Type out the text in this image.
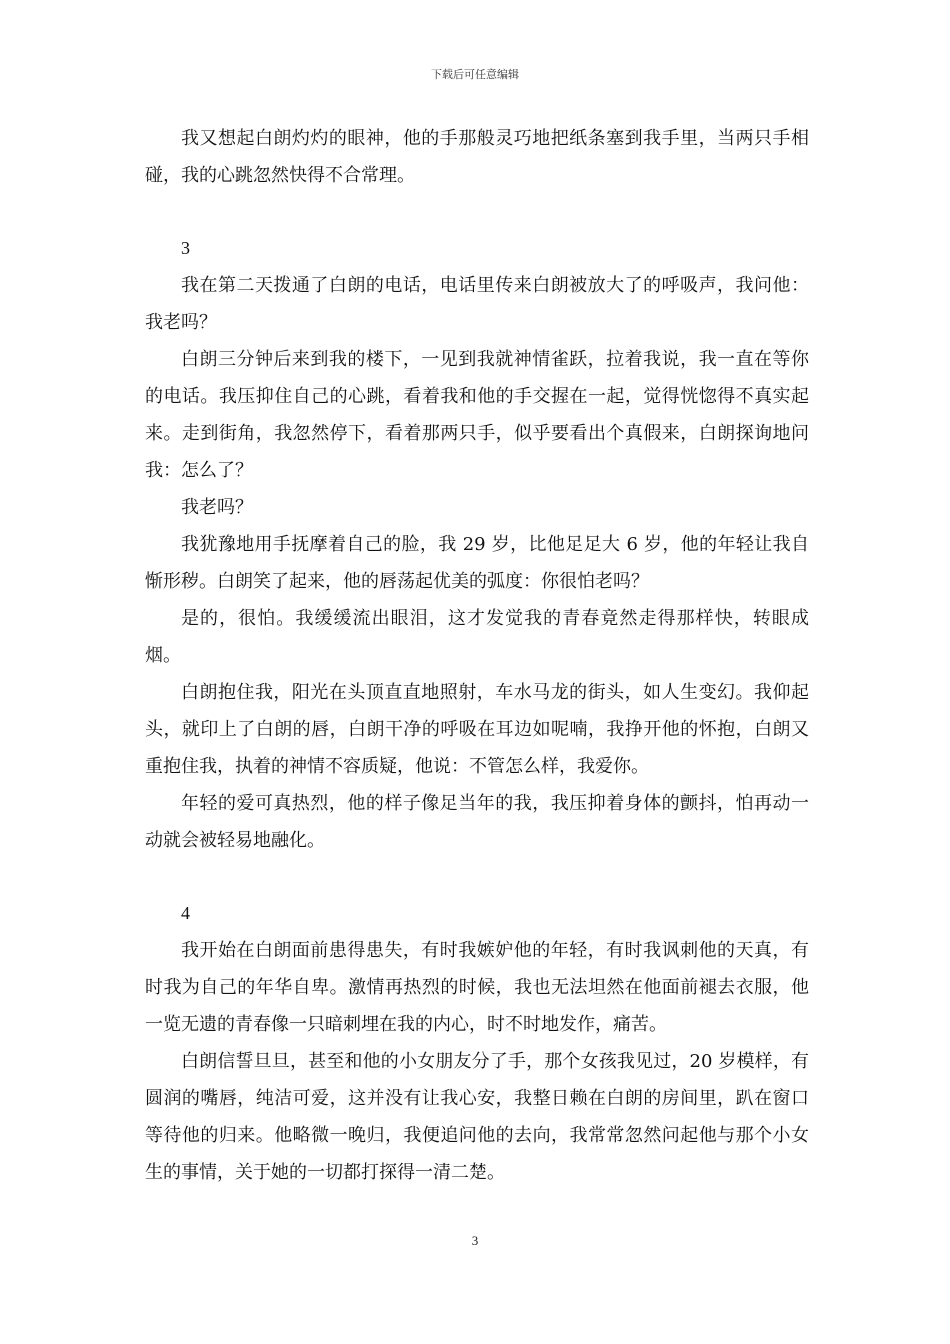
下载后可任意编辑

我又想起白朗灼灼的眼神，他的手那般灵巧地把纸条塞到我手里，当两只手相碰，我的心跳忽然快得不合常理。

3

我在第二天拨通了白朗的电话，电话里传来白朗被放大了的呼吸声，我问他：我老吗？

白朗三分钟后来到我的楼下，一见到我就神情雀跃，拉着我说，我一直在等你的电话。我压抑住自己的心跳，看着我和他的手交握在一起，觉得恍惚得不真实起来。走到街角，我忽然停下，看着那两只手，似乎要看出个真假来，白朗探询地问我：怎么了？

我老吗？

我犹豫地用手抚摩着自己的脸，我 29 岁，比他足足大 6 岁，他的年轻让我自惭形秽。白朗笑了起来，他的唇荡起优美的弧度：你很怕老吗？

是的，很怕。我缓缓流出眼泪，这才发觉我的青春竟然走得那样快，转眼成烟。

白朗抱住我，阳光在头顶直直地照射，车水马龙的街头，如人生变幻。我仰起头，就印上了白朗的唇，白朗干净的呼吸在耳边如呢喃，我挣开他的怀抱，白朗又重抱住我，执着的神情不容质疑，他说：不管怎么样，我爱你。

年轻的爱可真热烈，他的样子像足当年的我，我压抑着身体的颤抖，怕再动一动就会被轻易地融化。

4

我开始在白朗面前患得患失，有时我嫉妒他的年轻，有时我讽刺他的天真，有时我为自己的年华自卑。激情再热烈的时候，我也无法坦然在他面前褪去衣服，他一览无遗的青春像一只暗刺埋在我的内心，时不时地发作，痛苦。

白朗信誓旦旦，甚至和他的小女朋友分了手，那个女孩我见过，20 岁模样，有圆润的嘴唇，纯洁可爱，这并没有让我心安，我整日赖在白朗的房间里，趴在窗口等待他的归来。他略微一晚归，我便追问他的去向，我常常忽然问起他与那个小女生的事情，关于她的一切都打探得一清二楚。

3
